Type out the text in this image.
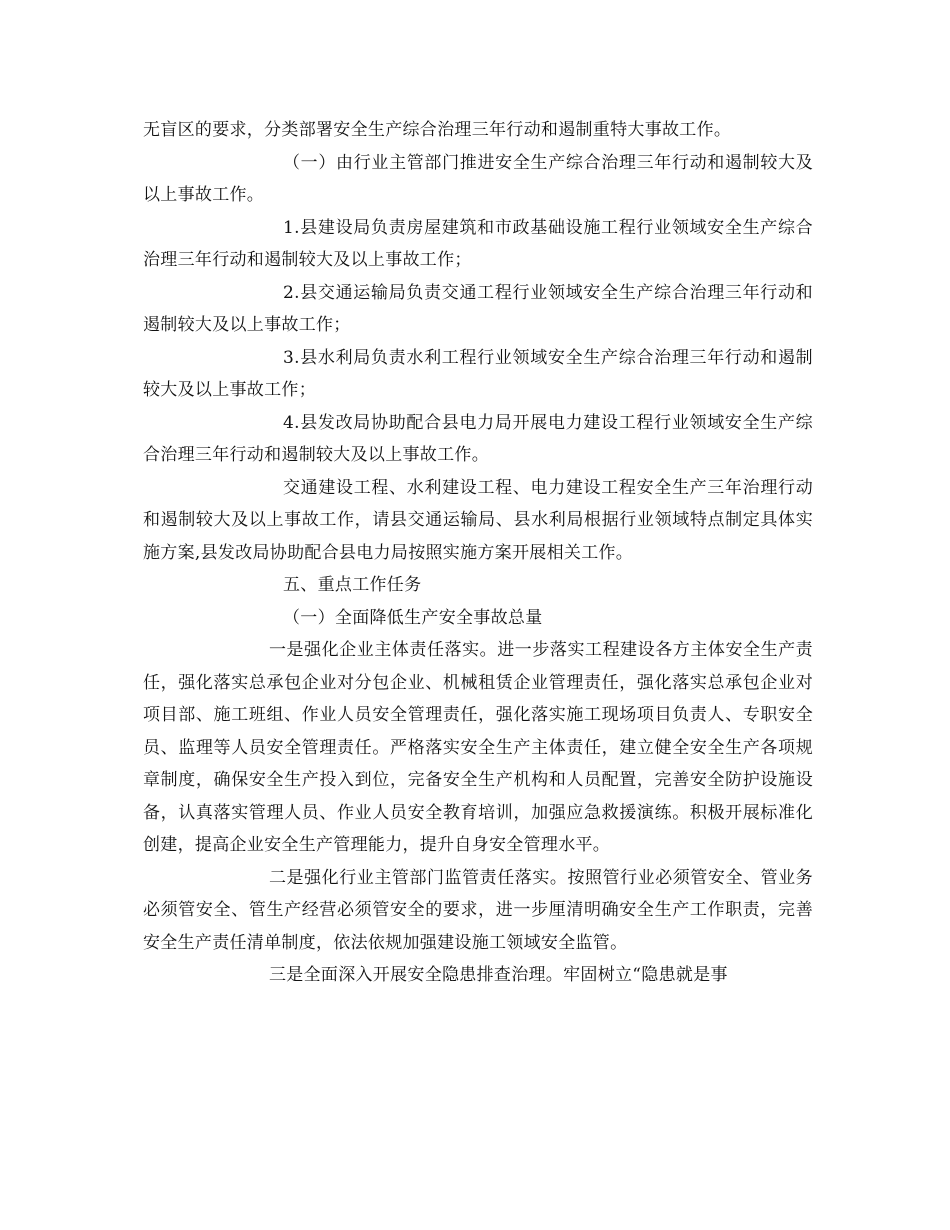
无盲区的要求，分类部署安全生产综合治理三年行动和遏制重特大事故工作。

（一）由行业主管部门推进安全生产综合治理三年行动和遏制较大及以上事故工作。

1.县建设局负责房屋建筑和市政基础设施工程行业领域安全生产综合治理三年行动和遏制较大及以上事故工作；

2.县交通运输局负责交通工程行业领域安全生产综合治理三年行动和遏制较大及以上事故工作；

3.县水利局负责水利工程行业领域安全生产综合治理三年行动和遏制较大及以上事故工作；

4.县发改局协助配合县电力局开展电力建设工程行业领域安全生产综合治理三年行动和遏制较大及以上事故工作。

交通建设工程、水利建设工程、电力建设工程安全生产三年治理行动和遏制较大及以上事故工作，请县交通运输局、县水利局根据行业领域特点制定具体实施方案,县发改局协助配合县电力局按照实施方案开展相关工作。

五、重点工作任务

（一）全面降低生产安全事故总量

一是强化企业主体责任落实。进一步落实工程建设各方主体安全生产责任，强化落实总承包企业对分包企业、机械租赁企业管理责任，强化落实总承包企业对项目部、施工班组、作业人员安全管理责任，强化落实施工现场项目负责人、专职安全员、监理等人员安全管理责任。严格落实安全生产主体责任，建立健全安全生产各项规章制度，确保安全生产投入到位，完备安全生产机构和人员配置，完善安全防护设施设备，认真落实管理人员、作业人员安全教育培训，加强应急救援演练。积极开展标准化创建，提高企业安全生产管理能力，提升自身安全管理水平。

二是强化行业主管部门监管责任落实。按照管行业必须管安全、管业务必须管安全、管生产经营必须管安全的要求，进一步厘清明确安全生产工作职责，完善安全生产责任清单制度，依法依规加强建设施工领域安全监管。

三是全面深入开展安全隐患排查治理。牢固树立“隐患就是事
